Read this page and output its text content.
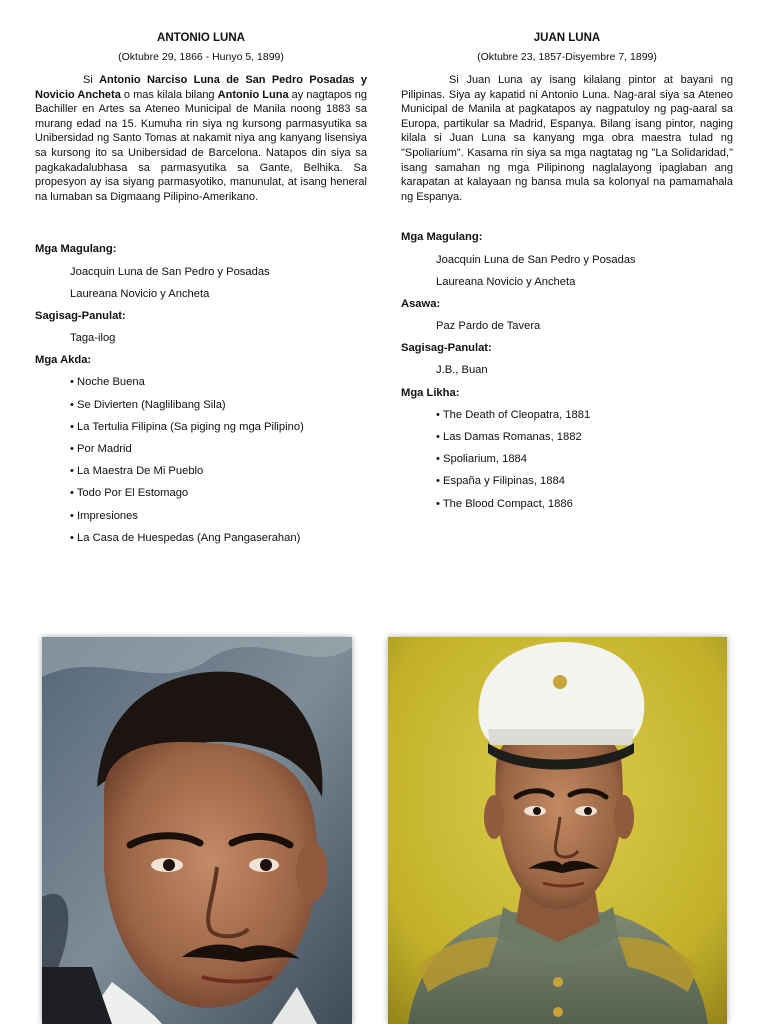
ANTONIO LUNA
(Oktubre 29, 1866 - Hunyo 5, 1899)

Si Antonio Narciso Luna de San Pedro Posadas y Novicio Ancheta o mas kilala bilang Antonio Luna ay nagtapos ng Bachiller en Artes sa Ateneo Municipal de Manila noong 1883 sa murang edad na 15. Kumuha rin siya ng kursong parmasyutika sa Unibersidad ng Santo Tomas at nakamit niya ang kanyang lisensiya sa kursong ito sa Unibersidad de Barcelona. Natapos din siya sa pagkakadalubhasa sa parmasyutika sa Gante, Belhika. Sa propesyon ay isa siyang parmasyotiko, manunulat, at isang heneral na lumaban sa Digmaang Pilipino-Amerikano.

Mga Magulang:
Joacquin Luna de San Pedro y Posadas
Laureana Novicio y Ancheta
Sagisag-Panulat:
Taga-ilog
Mga Akda:
• Noche Buena
• Se Divierten (Naglilibang Sila)
• La Tertulia Filipina (Sa piging ng mga Pilipino)
• Por Madrid
• La Maestra De Mi Pueblo
• Todo Por El Estomago
• Impresiones
• La Casa de Huespedas (Ang Pangaserahan)
JUAN LUNA
(Oktubre 23, 1857-Disyembre 7, 1899)

Si Juan Luna ay isang kilalang pintor at bayani ng Pilipinas. Siya ay kapatid ni Antonio Luna. Nag-aral siya sa Ateneo Municipal de Manila at pagkatapos ay nagpatuloy ng pag-aaral sa Europa, partikular sa Madrid, Espanya. Bilang isang pintor, naging kilala si Juan Luna sa kanyang mga obra maestra tulad ng "Spoliarium". Kasama rin siya sa mga nagtatag ng "La Solidaridad," isang samahan ng mga Pilipinong naglalayong ipaglaban ang karapatan at kalayaan ng bansa mula sa kolonyal na pamamahala ng Espanya.

Mga Magulang:
Joacquin Luna de San Pedro y Posadas
Laureana Novicio y Ancheta
Asawa:
Paz Pardo de Tavera
Sagisag-Panulat:
J.B., Buan
Mga Likha:
• The Death of Cleopatra, 1881
• Las Damas Romanas, 1882
• Spoliarium, 1884
• España y Filipinas, 1884
• The Blood Compact, 1886
